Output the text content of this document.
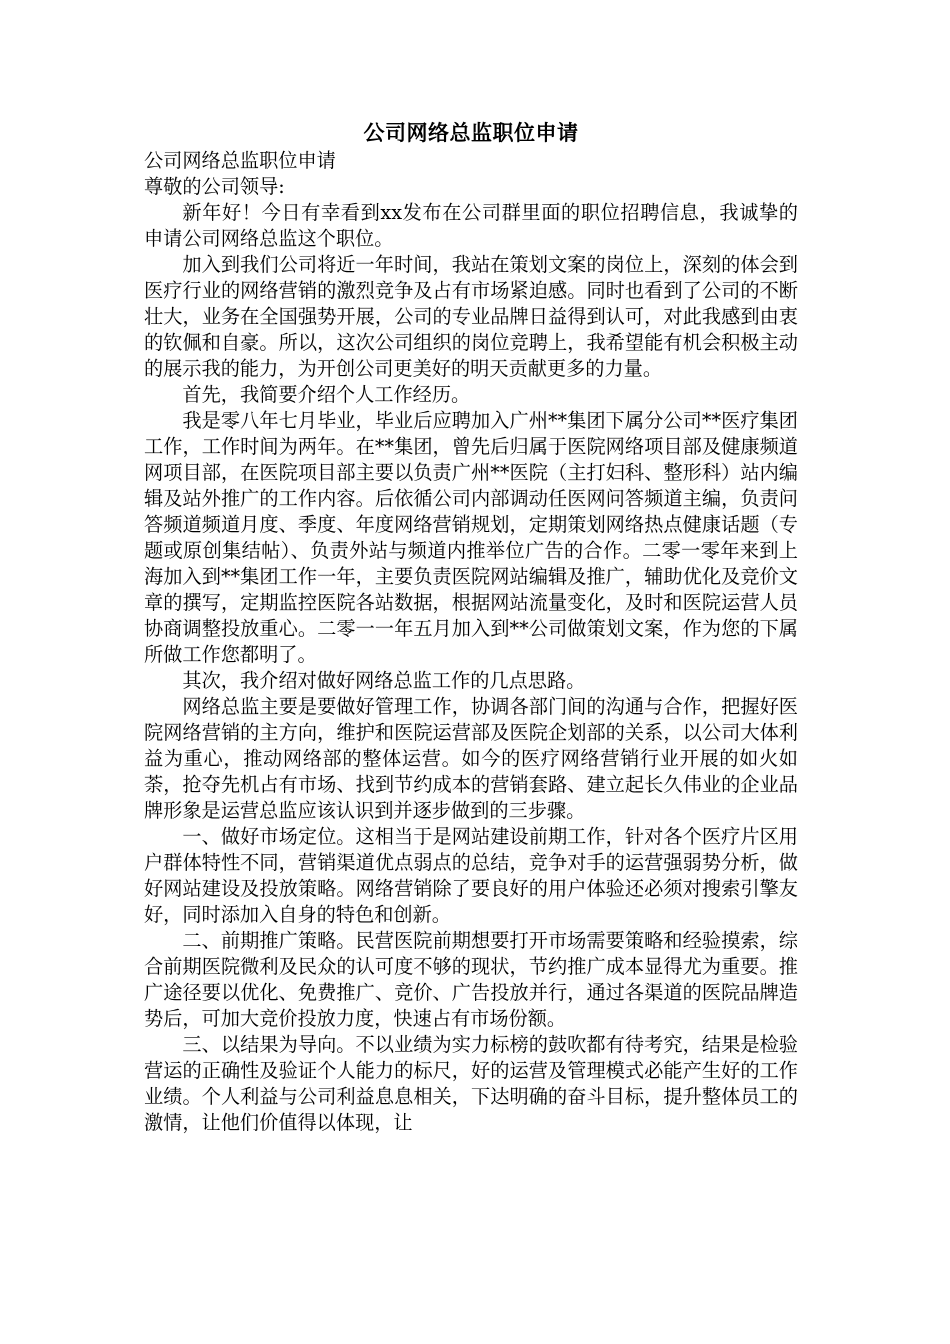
公司网络总监职位申请

公司网络总监职位申请

尊敬的公司领导:

新年好！今日有幸看到xx发布在公司群里面的职位招聘信息，我诚挚的申请公司网络总监这个职位。

加入到我们公司将近一年时间，我站在策划文案的岗位上，深刻的体会到医疗行业的网络营销的激烈竞争及占有市场紧迫感。同时也看到了公司的不断壮大，业务在全国强势开展，公司的专业品牌日益得到认可，对此我感到由衷的钦佩和自豪。所以，这次公司组织的岗位竞聘上，我希望能有机会积极主动的展示我的能力，为开创公司更美好的明天贡献更多的力量。

首先，我简要介绍个人工作经历。

我是零八年七月毕业，毕业后应聘加入广州**集团下属分公司**医疗集团工作，工作时间为两年。在**集团，曾先后归属于医院网络项目部及健康频道网项目部，在医院项目部主要以负责广州**医院（主打妇科、整形科）站内编辑及站外推广的工作内容。后依循公司内部调动任医网问答频道主编，负责问答频道频道月度、季度、年度网络营销规划，定期策划网络热点健康话题（专题或原创集结帖）、负责外站与频道内推举位广告的合作。二零一零年来到上海加入到**集团工作一年，主要负责医院网站编辑及推广，辅助优化及竞价文章的撰写，定期监控医院各站数据，根据网站流量变化，及时和医院运营人员协商调整投放重心。二零一一年五月加入到**公司做策划文案，作为您的下属所做工作您都明了。

其次，我介绍对做好网络总监工作的几点思路。

网络总监主要是要做好管理工作，协调各部门间的沟通与合作，把握好医院网络营销的主方向，维护和医院运营部及医院企划部的关系，以公司大体利益为重心，推动网络部的整体运营。如今的医疗网络营销行业开展的如火如荼，抢夺先机占有市场、找到节约成本的营销套路、建立起长久伟业的企业品牌形象是运营总监应该认识到并逐步做到的三步骤。

一、做好市场定位。这相当于是网站建设前期工作，针对各个医疗片区用户群体特性不同，营销渠道优点弱点的总结，竞争对手的运营强弱势分析，做好网站建设及投放策略。网络营销除了要良好的用户体验还必须对搜索引擎友好，同时添加入自身的特色和创新。

二、前期推广策略。民营医院前期想要打开市场需要策略和经验摸索，综合前期医院微利及民众的认可度不够的现状，节约推广成本显得尤为重要。推广途径要以优化、免费推广、竞价、广告投放并行，通过各渠道的医院品牌造势后，可加大竞价投放力度，快速占有市场份额。

三、以结果为导向。不以业绩为实力标榜的鼓吹都有待考究，结果是检验营运的正确性及验证个人能力的标尺，好的运营及管理模式必能产生好的工作业绩。个人利益与公司利益息息相关，下达明确的奋斗目标，提升整体员工的激情，让他们价值得以体现，让
